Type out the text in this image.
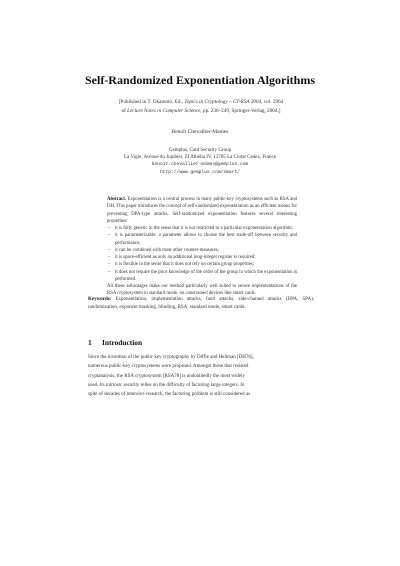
Self-Randomized Exponentiation Algorithms
[Published in T. Okamoto, Ed., Topics in Cryptology – CT-RSA 2004, vol. 2964
of Lecture Notes in Computer Science, pp. 236–249, Springer-Verlag, 2004.]
Benoît Chevallier-Mames
Gemplus, Card Security Group
La Vigie, Avenue du Jujubier, ZI Athélia IV, 13705 La Ciotat Cedex, France
benoit.chevallier-mames@gemplus.com
http://www.gemplus.com/smart/

Abstract. Exponentiation is a central process in many public-key cryptosystems such as RSA and DH. This paper introduces the concept of self-randomized exponentiation as an efficient means for preventing DPA-type attacks. Self-randomized exponentiation features several interesting properties:

– it is fully generic in the sense that it is not restricted to a particular exponentiation algorithm;
– it is parameterizable: a parameter allows to choose the best trade-off between security and performance;
– it can be combined with most other counter-measures;
– it is space-efficient as only an additional long-integer register is required;
– it is flexible in the sense that it does not rely on certain group properties;
– it does not require the prior knowledge of the order of the group in which the exponentiation is performed.

All these advantages make our method particularly well suited to secure implementations of the RSA cryptosystem in standard mode, on constrained devices like smart cards.

Keywords: Exponentiation, implementation attacks, fault attacks, side-channel attacks (DPA, SPA), randomization, exponent masking, blinding, RSA, standard mode, smart cards.
1 Introduction
Since the invention of the public key cryptography by Diffie and Hellman [DH76],
numerous public-key cryptosystems were proposed. Amongst those that resisted
cryptanalysis, the RSA cryptosystem [RSA78] is undoubtedly the most widely
used. Its intrinsic security relies on the difficulty of factoring large integers. In
spite of decades of intensive research, the factoring problem is still considered as
